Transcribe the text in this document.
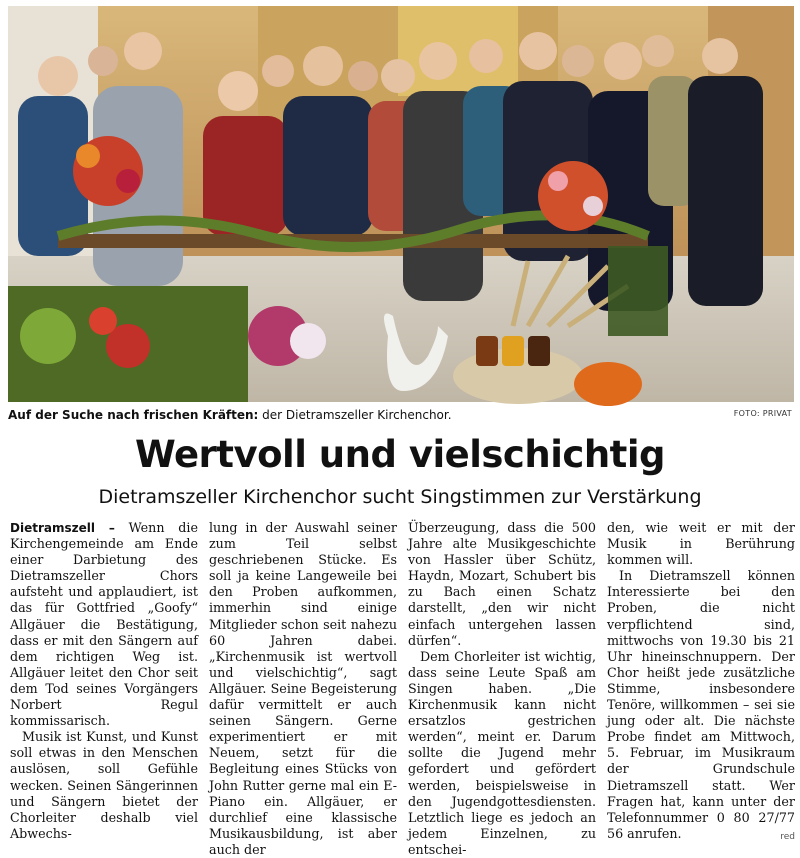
Auf der Suche nach frischen Kräften: der Dietramszeller Kirchenchor.	FOTO: PRIVAT
Wertvoll und vielschichtig
Dietramszeller Kirchenchor sucht Singstimmen zur Verstärkung

Dietramszell – Wenn die Kirchengemeinde am Ende einer Darbietung des Dietramszeller Chors aufsteht und applaudiert, ist das für Gottfried „Goofy“ Allgäuer die Bestätigung, dass er mit den Sängern auf dem richtigen Weg ist. Allgäuer leitet den Chor seit dem Tod seines Vorgängers Norbert Regul kommissarisch.

Musik ist Kunst, und Kunst soll etwas in den Menschen auslösen, soll Gefühle wecken. Seinen Sängerinnen und Sängern bietet der Chorleiter deshalb viel Abwechs-

lung in der Auswahl seiner zum Teil selbst geschriebenen Stücke. Es soll ja keine Langeweile bei den Proben aufkommen, immerhin sind einige Mitglieder schon seit nahezu 60 Jahren dabei. „Kirchenmusik ist wertvoll und vielschichtig“, sagt Allgäuer. Seine Begeisterung dafür vermittelt er auch seinen Sängern. Gerne experimentiert er mit Neuem, setzt für die Begleitung eines Stücks von John Rutter gerne mal ein E-Piano ein. Allgäuer, er durchlief eine klassische Musikausbildung, ist aber auch der

Überzeugung, dass die 500 Jahre alte Musikgeschichte von Hassler über Schütz, Haydn, Mozart, Schubert bis zu Bach einen Schatz darstellt, „den wir nicht einfach untergehen lassen dürfen“.

Dem Chorleiter ist wichtig, dass seine Leute Spaß am Singen haben. „Die Kirchenmusik kann nicht ersatzlos gestrichen werden“, meint er. Darum sollte die Jugend mehr gefordert und gefördert werden, beispielsweise in den Jugendgottesdiensten. Letztlich liege es jedoch an jedem Einzelnen, zu entschei-

den, wie weit er mit der Musik in Berührung kommen will.

In Dietramszell können Interessierte bei den Proben, die nicht verpflichtend sind, mittwochs von 19.30 bis 21 Uhr hineinschnuppern. Der Chor heißt jede zusätzliche Stimme, insbesondere Tenöre, willkommen – sei sie jung oder alt. Die nächste Probe findet am Mittwoch, 5. Februar, im Musikraum der Grundschule Dietramszell statt. Wer Fragen hat, kann unter der Telefonnummer 0 80 27/77 56 anrufen.	red
